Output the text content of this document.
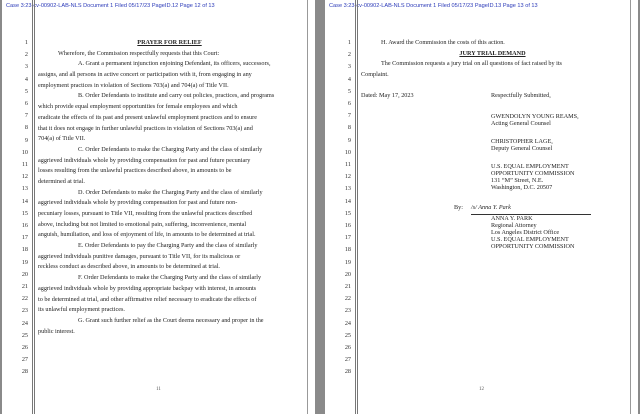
Case 3:23-cv-00902-LAB-NLS Document 1 Filed 05/17/23 PageID.12 Page 12 of 13
1
2
3
4
5
6
7
8
9
10
11
12
13
14
15
16
17
18
19
20
21
22
23
24
25
26
27
28
PRAYER FOR RELIEF
Wherefore, the Commission respectfully requests that this Court:
A. Grant a permanent injunction enjoining Defendant, its officers, successors,
assigns, and all persons in active concert or participation with it, from engaging in any
employment practices in violation of Sections 703(a) and 704(a) of Title VII.
B. Order Defendants to institute and carry out policies, practices, and programs
which provide equal employment opportunities for female employees and which
eradicate the effects of its past and present unlawful employment practices and to ensure
that it does not engage in further unlawful practices in violation of Sections 703(a) and
704(a) of Title VII.
C. Order Defendants to make the Charging Party and the class of similarly
aggrieved individuals whole by providing compensation for past and future pecuniary
losses resulting from the unlawful practices described above, in amounts to be
determined at trial.
D. Order Defendants to make the Charging Party and the class of similarly
aggrieved individuals whole by providing compensation for past and future non-
pecuniary losses, pursuant to Title VII, resulting from the unlawful practices described
above, including but not limited to emotional pain, suffering, inconvenience, mental
anguish, humiliation, and loss of enjoyment of life, in amounts to be determined at trial.
E. Order Defendants to pay the Charging Party and the class of similarly
aggrieved individuals punitive damages, pursuant to Title VII, for its malicious or
reckless conduct as described above, in amounts to be determined at trial.
F. Order Defendants to make the Charging Party and the class of similarly
aggrieved individuals whole by providing appropriate backpay with interest, in amounts
to be determined at trial, and other affirmative relief necessary to eradicate the effects of
its unlawful employment practices.
G. Grant such further relief as the Court deems necessary and proper in the
public interest.
11
Case 3:23-cv-00902-LAB-NLS Document 1 Filed 05/17/23 PageID.13 Page 13 of 13
1
2
3
4
5
6
7
8
9
10
11
12
13
14
15
16
17
18
19
20
21
22
23
24
25
26
27
28
H. Award the Commission the costs of this action.
JURY TRIAL DEMAND
The Commission requests a jury trial on all questions of fact raised by its
Complaint.
Dated: May 17, 2023	Respectfully Submitted,
GWENDOLYN YOUNG REAMS,
Acting General Counsel
CHRISTOPHER LAGE,
Deputy General Counsel
U.S. EQUAL EMPLOYMENT
OPPORTUNITY COMMISSION
131 “M” Street, N.E.
Washington, D.C. 20507
By:	/s/ Anna Y. Park
ANNA Y. PARK
Regional Attorney
Los Angeles District Office
U.S. EQUAL EMPLOYMENT
OPPORTUNITY COMMISSION
12
